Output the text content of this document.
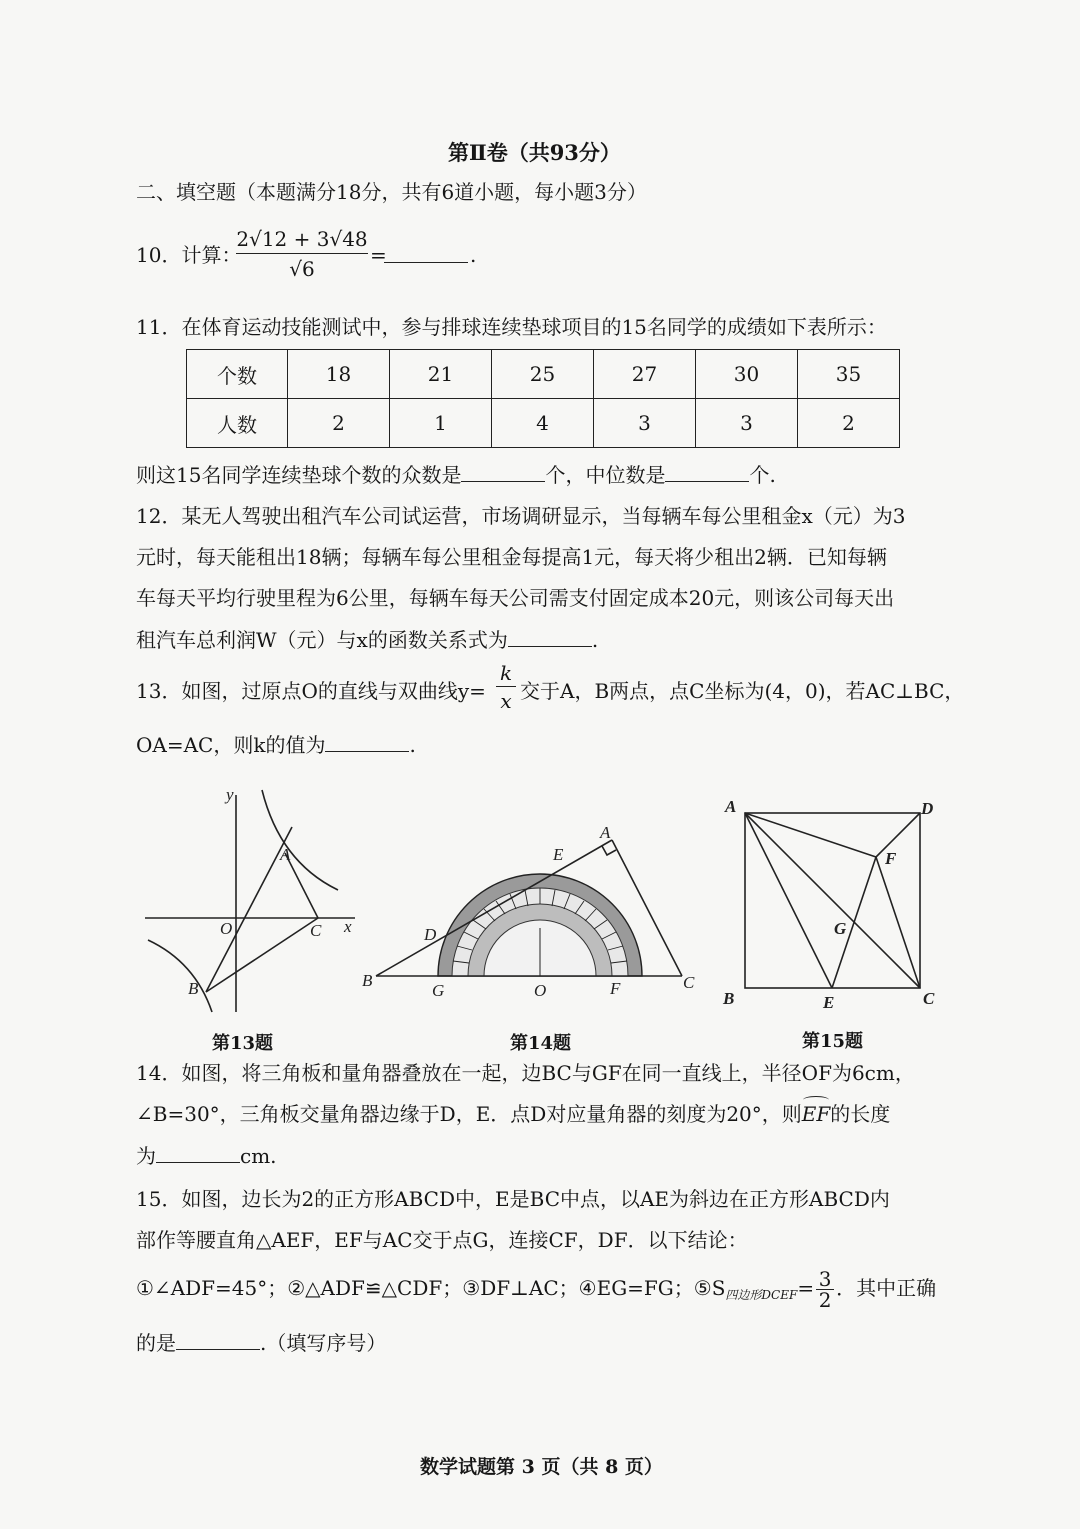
第Ⅱ卷（共93分）
二、填空题（本题满分18分，共有6道小题，每小题3分）
10．计算：
$\frac{2√12 + 3√48}{√6}$ =	.
11．在体育运动技能测试中，参与排球连续垫球项目的15名同学的成绩如下表所示：
个数	18	21	25	27	30	35
人数	2	1	4	3	3	2
则这15名同学连续垫球个数的众数是	个，中位数是	个.
12．某无人驾驶出租汽车公司试运营，市场调研显示，当每辆车每公里租金x（元）为3
元时，每天能租出18辆；每辆车每公里租金每提高1元，每天将少租出2辆．已知每辆
车每天平均行驶里程为6公里，每辆车每天公司需支付固定成本20元，则该公司每天出
租汽车总利润W（元）与x的函数关系式为	.
13．如图，过原点O的直线与双曲线$y= \frac{k}{x}$ 交于A，B两点，点C坐标为(4，0)，若AC⊥BC，
OA=AC，则k的值为	.
y
x
O
A
B
C
第13题
A
E
D
B
G	O	F	C
第14题
A	D
F
G
B	E	C
第15题
14．如图，将三角板和量角器叠放在一起，边BC与GF在同一直线上，半径OF为6cm，
∠B=30°，三角板交量角器边缘于D，E．点D对应量角器的刻度为20°，则
EF的长度
为	cm.
15．如图，边长为2的正方形ABCD中，E是BC中点，以AE为斜边在正方形ABCD内
部作等腰直角△AEF，EF与AC交于点G，连接CF，DF．以下结论：
①∠ADF=45°；②△ADF≌△CDF；③DF⊥AC；④EG=FG；$⑤S_{四边形DCEF}= \frac{3}{2}$ ．其中正确
的是	.（填写序号）
数学试题第 3 页（共 8 页）
